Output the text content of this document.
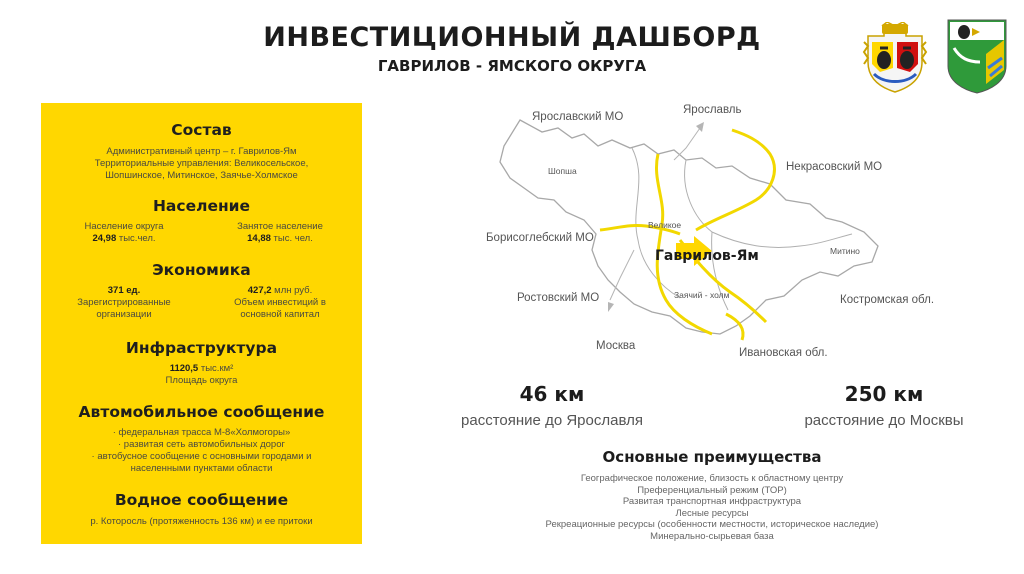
ИНВЕСТИЦИОННЫЙ ДАШБОРД
ГАВРИЛОВ - ЯМСКОГО ОКРУГА
Состав

Административный центр – г. Гаврилов-Ям

Территориальные управления: Великосельское,

Шопшинское, Митинское, Заячье-Холмское

Население
Население округа
24,98 тыс.чел.
Занятое население
14,88 тыс. чел.
Экономика
371 ед.
Зарегистрированные
организации
427,2 млн руб.
Объем инвестиций в
основной капитал
Инфраструктура

1120,5 тыс.км²

Площадь округа

Автомобильное сообщение

· федеральная трасса М-8«Холмогоры»

· развитая сеть автомобильных дорог

· автобусное сообщение с основными городами и

населенными пунктами области

Водное сообщение

р. Которосль (протяженность 136 км) и ее притоки

Ярославский МО
Ярославль
Некрасовский МО
Шопша
Великое
Борисоглебский МО
Гаврилов-Ям	Митино
Ростовский МО	Заячий - холм	Костромская обл.
Москва
Ивановская обл.
46 км
расстояние до Ярославля
250 км
расстояние до Москвы
Основные преимущества
Географическое положение, близость к областному центру
Преференциальный режим (ТОР)
Развитая транспортная инфраструктура
Лесные ресурсы
Рекреационные ресурсы (особенности местности, историческое наследие)
Минерально-сырьевая база
